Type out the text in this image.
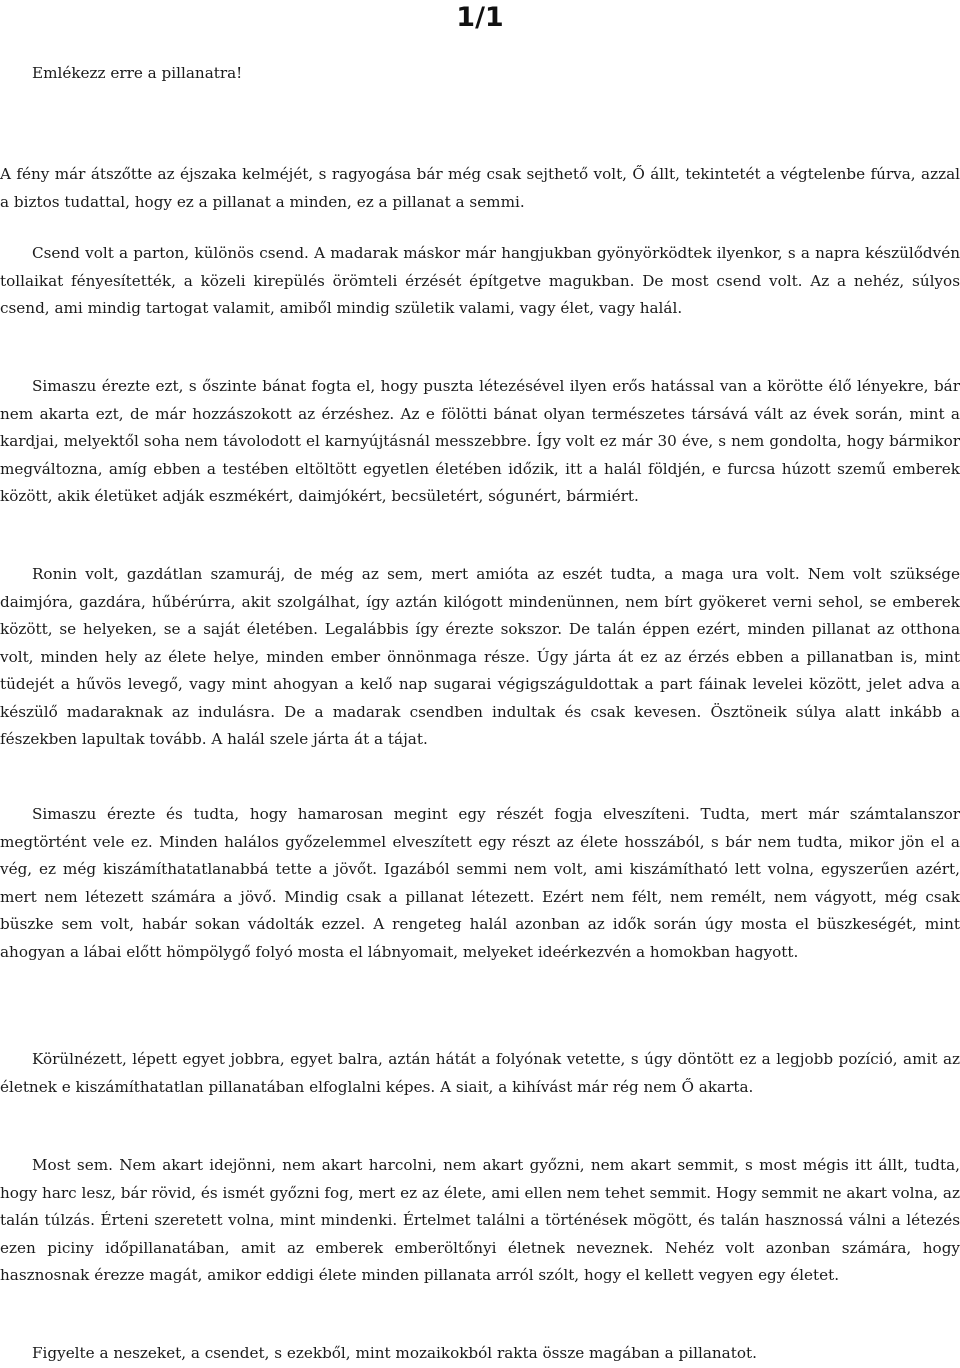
1/1

Emlékezz erre a pillanatra!

A fény már átszőtte az éjszaka kelméjét, s ragyogása bár még csak sejthető volt, Ő állt, tekintetét a végtelenbe fúrva, azzal a biztos tudattal, hogy ez a pillanat a minden, ez a pillanat a semmi.

Csend volt a parton, különös csend. A madarak máskor már hangjukban gyönyörködtek ilyenkor, s a napra készülődvén tollaikat fényesítették, a közeli kirepülés örömteli érzését építgetve magukban. De most csend volt. Az a nehéz, súlyos csend, ami mindig tartogat valamit, amiből mindig születik valami, vagy élet, vagy halál.

Simaszu érezte ezt, s őszinte bánat fogta el, hogy puszta létezésével ilyen erős hatással van a körötte élő lényekre, bár nem akarta ezt, de már hozzászokott az érzéshez. Az e fölötti bánat olyan természetes társává vált az évek során, mint a kardjai, melyektől soha nem távolodott el karnyújtásnál messzebbre. Így volt ez már 30 éve, s nem gondolta, hogy bármikor megváltozna, amíg ebben a testében eltöltött egyetlen életében időzik, itt a halál földjén, e furcsa húzott szemű emberek között, akik életüket adják eszmékért, daimjókért, becsületért, sógunért, bármiért.

Ronin volt, gazdátlan szamuráj, de még az sem, mert amióta az eszét tudta, a maga ura volt. Nem volt szüksége daimjóra, gazdára, hűbérúrra, akit szolgálhat, így aztán kilógott mindenünnen, nem bírt gyökeret verni sehol, se emberek között, se helyeken, se a saját életében. Legalábbis így érezte sokszor. De talán éppen ezért, minden pillanat az otthona volt, minden hely az élete helye, minden ember önnönmaga része. Úgy járta át ez az érzés ebben a pillanatban is, mint tüdejét a hűvös levegő, vagy mint ahogyan a kelő nap sugarai végigszáguldottak a part fáinak levelei között, jelet adva a készülő madaraknak az indulásra. De a madarak csendben indultak és csak kevesen. Ösztöneik súlya alatt inkább a fészekben lapultak tovább. A halál szele járta át a tájat.

Simaszu érezte és tudta, hogy hamarosan megint egy részét fogja elveszíteni. Tudta, mert már számtalanszor megtörtént vele ez. Minden halálos győzelemmel elveszített egy részt az élete hosszából, s bár nem tudta, mikor jön el a vég, ez még kiszámíthatatlanabbá tette a jövőt. Igazából semmi nem volt, ami kiszámítható lett volna, egyszerűen azért, mert nem létezett számára a jövő. Mindig csak a pillanat létezett. Ezért nem félt, nem remélt, nem vágyott, még csak büszke sem volt, habár sokan vádolták ezzel. A rengeteg halál azonban az idők során úgy mosta el büszkeségét, mint ahogyan a lábai előtt hömpölygő folyó mosta el lábnyomait, melyeket ideérkezvén a homokban hagyott.

Körülnézett, lépett egyet jobbra, egyet balra, aztán hátát a folyónak vetette, s úgy döntött ez a legjobb pozíció, amit az életnek e kiszámíthatatlan pillanatában elfoglalni képes. A siait, a kihívást már rég nem Ő akarta.

Most sem. Nem akart idejönni, nem akart harcolni, nem akart győzni, nem akart semmit, s most mégis itt állt, tudta, hogy harc lesz, bár rövid, és ismét győzni fog, mert ez az élete, ami ellen nem tehet semmit. Hogy semmit ne akart volna, az talán túlzás. Érteni szeretett volna, mint mindenki. Értelmet találni a történések mögött, és talán hasznossá válni a létezés ezen piciny időpillanatában, amit az emberek emberöltőnyi életnek neveznek. Nehéz volt azonban számára, hogy hasznosnak érezze magát, amikor eddigi élete minden pillanata arról szólt, hogy el kellett vegyen egy életet.

Figyelte a neszeket, a csendet, s ezekből, mint mozaikokból rakta össze magában a pillanatot.
